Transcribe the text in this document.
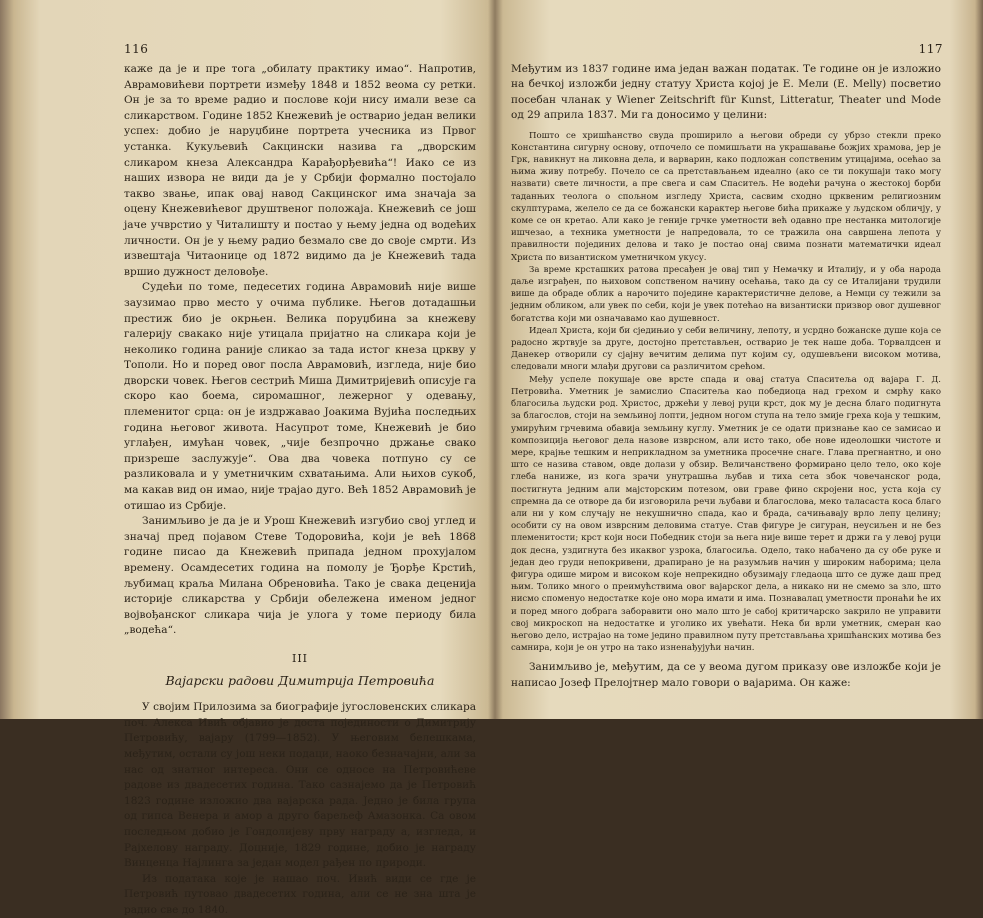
116

каже да је и пре тога „обилату практику имао“. Напротив, Аврамовићеви портрети између 1848 и 1852 веома су ретки. Он је за то време радио и послове који нису имали везе са сликарством. Године 1852 Кнежевић је остварио један велики успех: добио је наруџбине портрета учесника из Првог устанка. Кукуљевић Сакцински назива га „дворским сликаром кнеза Александра Карађорђевића“! Иако се из наших извора не види да је у Србији формално постојало такво звање, ипак овај навод Сакцинског има значаја за оцену Кнежевићевог друштвеног положаја. Кнежевић се још јаче учврстио у Читалишту и постао у њему једна од водећих личности. Он је у њему радио безмало све до своје смрти. Из извештаја Читаонице од 1872 видимо да је Кнежевић тада вршио дужност деловође.

Судећи по томе, педесетих година Аврамовић није више заузимао прво место у очима публике. Његов дотадашњи престиж био је окрњен. Велика поруџбина за кнежеву галерију свакако није утицала пријатно на сликара који је неколико година раније сликао за тада истог кнеза цркву у Тополи. Но и поред овог посла Аврамовић, изгледа, није био дворски човек. Његов сестрић Миша Димитријевић описује га скоро као боема, сиромашног, лежерног у одевању, племенитог срца: он је издржавао Јоакима Вујића последњих година његовог живота. Насупрот томе, Кнежевић је био углађен, имућан човек, „чије безпрочно држање свако призреше заслужује“. Ова два човека потпуно су се разликовала и у уметничким схватањима. Али њихов сукоб, ма какав вид он имао, није трајао дуго. Већ 1852 Аврамовић је отишао из Србије.

Занимљиво је да је и Урош Кнежевић изгубио свој углед и значај пред појавом Стеве Тодоровића, који је већ 1868 године писао да Кнежевић припада једном прохујалом времену. Осамдесетих година на помолу је Ђорђе Крстић, љубимац краља Милана Обреновића. Тако је свака деценија историје сликарства у Србији обележена именом једног војвођанског сликара чија је улога у томе периоду била „водећа“.

III
Вајарски радови Димитрија Петровића

У својим Прилозима за биографије југословенских сликара поч. Алекса Ивић објавио је доста појединости о Димитрију Петровићу, вајару (1799—1852). У његовим белешкама, међутим, остали су још неки подаци, наоко безначајни, али за нас од знатног интереса. Они се односе на Петровићеве радове из двадесетих година. Тако сазнајемо да је Петровић 1823 године изложио два вајарска рада. Једно је била група од гипса Венера и амор а друго барељеф Амазонка. Са овом последњом добио је Гондолијеву прву награду а, изгледа, и Рајхелову награду. Доцније, 1829 године, добио је награду Винценца Најлинга за један модел рађен по природи.

Из података које је нашао поч. Ивић види се где је Петровић путовао двадесетих година, али се не зна шта је радио све до 1840.

117

Међутим из 1837 године има један важан податак. Те године он је изложио на бечкој изложби једну статуу Христа којој је Е. Мели (Е. Melly) посветио посебан чланак у Wiener Zeitschrift für Kunst, Litteratur, Theater und Mode од 29 априла 1837. Ми га доносимо у целини:

Пошто се хришћанство свуда проширило а његови обреди су убрзо стекли преко Константина сигурну основу, отпочело се помишљати на украшавање божјих храмова, јер је Грк, навикнут на ликовна дела, и варварин, како подложан сопственим утицајима, осећао за њима живу потребу. Почело се са претстављањем идеално (ако се ти покушаји тако могу назвати) свете личности, а пре свега и сам Спаситељ. Не водећи рачуна о жестокој борби таданњих теолога о спољном изгледу Христа, сасвим сходно црквеним религиозним скулптурама, желело се да се божански карактер његове бића прикаже у људском обличју, у коме се он кретао. Али како је генијe грчке уметности већ одавно пре нестанка митологије ишчезао, а техника уметности је напредовала, то се тражила она савршена лепота у правилности појединих делова и тако је постао онај свима познати математички идеал Христа по византиском уметничком укусу.

За време крсташких ратова пресађен је овај тип у Немачку и Италију, и у оба народа даље изграђен, по њиховом сопственом начину осећања, тако да су се Италијани трудили више да обраде облик а нарочито поједине карактеристичне делове, а Немци су тежили за једним обликом, али увек по себи, који је увек потећао на византиски призвор овог душевног богатства који ми означавамо као душевност.

Идеал Христа, који би сједињио у себи величину, лепоту, и усрдно божанске душе која се радосно жртвује за друге, достојно претстављен, остварио је тек наше доба. Торвалдсен и Данекер отворили су сјајну вечитим делима пут којим су, одушевљени високом мотива, следовали многи млађи другови са различитом срећом.

Међу успеле покушаје ове врсте спада и овај статуа Спаситеља од вајара Г. Д. Петровића. Уметник је замислио Спаситеља као победиоца над грехом и смрћу како благосиља људски род. Христос, држећи у левој руци крст, док му је десна благо подигнута за благослов, стоји на земљиној лопти, једном ногом ступа на тело змије греха која у тешким, умирућим грчевима обавија земљину куглу. Уметник је се одати признање као се замисао и композиција његовог дела назове изврсном, али исто тако, обе нове идеолошки чистоте и мере, крајње тешким и неприкладном за уметника просечне снаге. Глава прегнантно, и оно што се назива ставом, овде долази у обзир. Величанствено формирано цело тело, око које глеба наниже, из кога зрачи унутрашња љубав и тиха сета збок човечанског рода, постигнута једним али мајсторским потезом, ови граве фино скројени нос, уста која су спремна да се отворе да би изговорила речи љубави и благослова, меко таласаста коса благо али ни у ком случају не некушнично спада, као и брада, сачињавају врло лепу целину; особити су на овом изврсним деловима статуе. Став фигуре је сигуран, неусиљен и не без племенитости; крст који носи Победник стоји за њега није више терет и држи га у левој руци док десна, уздигнута без икаквог узрока, благосиља. Одело, тако набачено да су обе руке и један део груди непокривени, драпирано је на разумљив начин у широким наборима; цела фигура одише миром и високом које непрекидно обузимају гледаоца што се дуже даш пред њим. Толико много о преимућствима овог вајарског дела, а никако ни не смемо за зло, што нисмо споменуо недостатке које оно мора имати и има. Познавалац уметности пронаћи ће их и поред много добрага заборавити оно мало што је сабој критичарско закрило не управити свој микроскоп на недостатке и уголико их увећати. Нека би врли уметник, смеран као његово дело, истрајао на томе једино правилном путу претстављања хришћанских мотива без самнира, који је он утро на тако изненађујући начин.

Занимљиво је, међутим, да се у веома дугом приказу ове изложбе који је написао Јозеф Прелојтнер мало говори о вајарима. Он каже:
